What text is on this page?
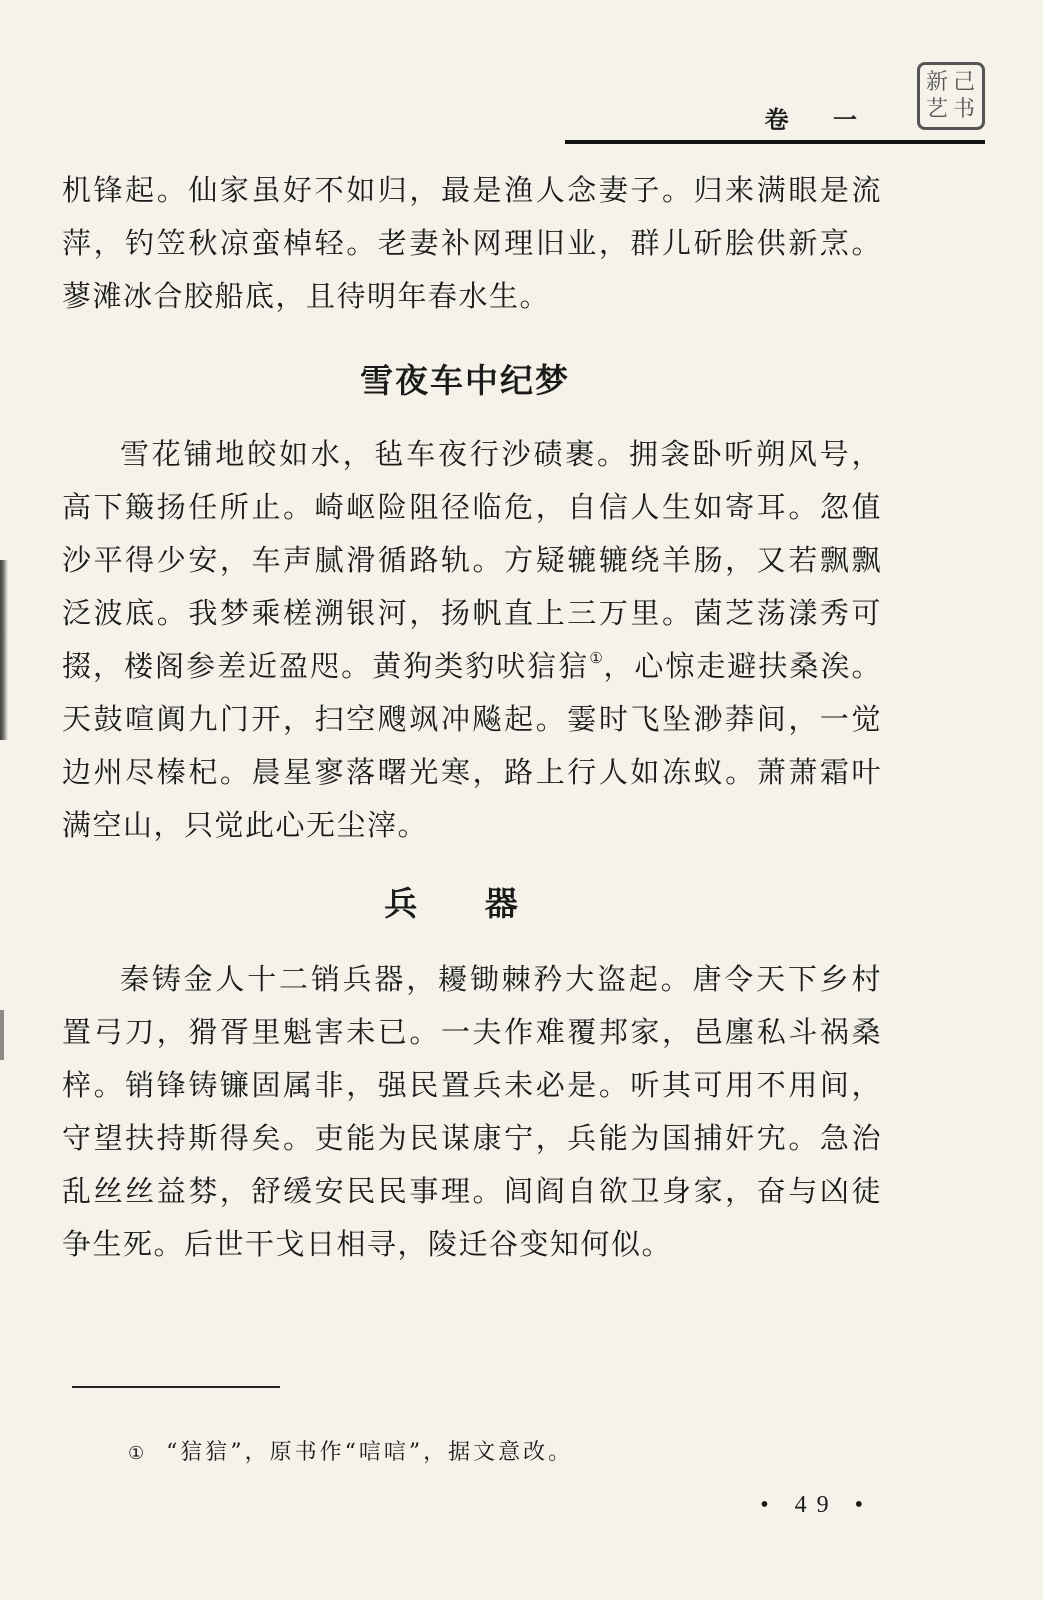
卷 一
新 己
艺 书

机锋起。仙家虽好不如归，最是渔人念妻子。归来满眼是流萍，钓笠秋凉蛮棹轻。老妻补网理旧业，群儿斫脍供新烹。蓼滩冰合胶船底，且待明年春水生。

雪夜车中纪梦

雪花铺地皎如水，毡车夜行沙碛裹。拥衾卧听朔风号，高下簸扬任所止。崎岖险阻径临危，自信人生如寄耳。忽值沙平得少安，车声腻滑循路轨。方疑辘辘绕羊肠，又若飘飘泛波底。我梦乘槎溯银河，扬帆直上三万里。菌芝荡漾秀可掇，楼阁参差近盈咫。黄狗类豹吠狺狺①，心惊走避扶桑涘。天鼓喧阗九门开，扫空飕飒冲飚起。霎时飞坠渺莽间，一觉边州尽榛杞。晨星寥落曙光寒，路上行人如冻蚁。萧萧霜叶满空山，只觉此心无尘滓。

兵 器

秦铸金人十二销兵器，耰锄棘矜大盗起。唐令天下乡村置弓刀，猾胥里魁害未已。一夫作难覆邦家，邑廛私斗祸桑梓。销锋铸镰固属非，强民置兵未必是。听其可用不用间，守望扶持斯得矣。吏能为民谋康宁，兵能为国捕奸宄。急治乱丝丝益棼，舒缓安民民事理。闾阎自欲卫身家，奋与凶徒争生死。后世干戈日相寻，陵迁谷变知何似。

① “狺狺”，原书作“唁唁”，据文意改。
• 49 •
